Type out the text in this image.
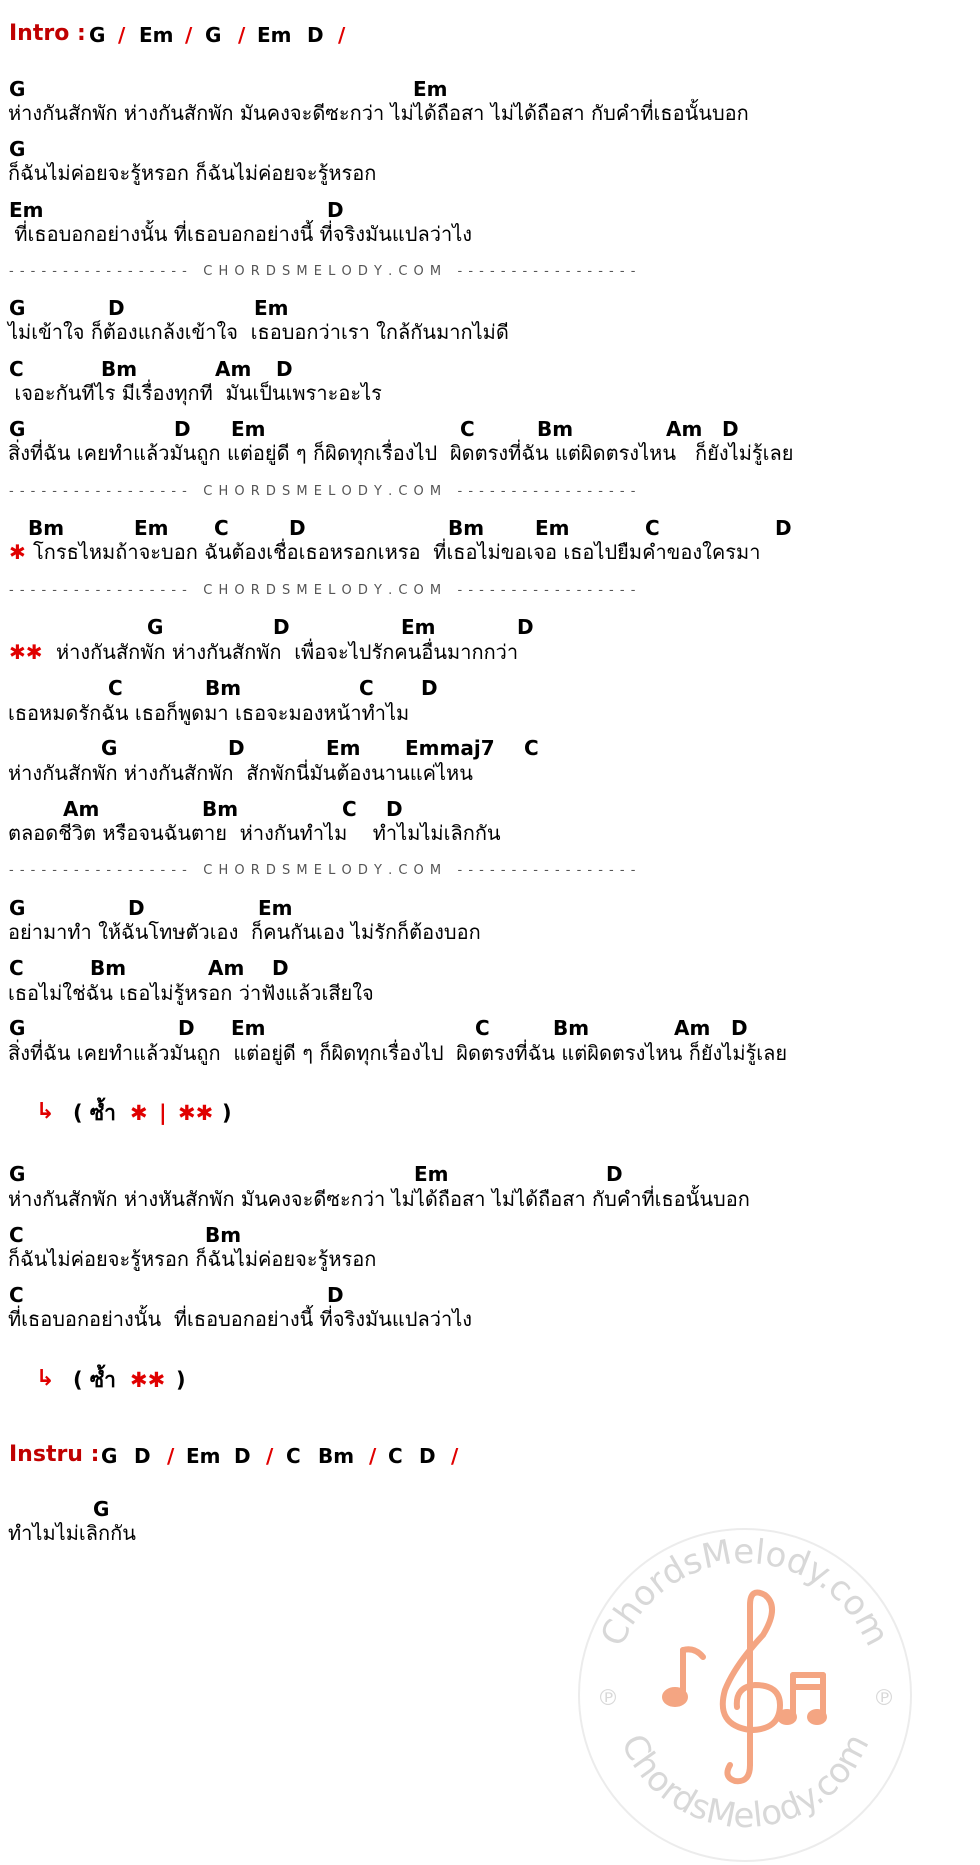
Intro : G / Em / G / Em D /
G	Em
ห่างกันสักพัก ห่างกันสักพัก มันคงจะดีซะกว่า ไม่ได้ถือสา ไม่ได้ถือสา กับคำที่เธอนั้นบอก
G
ก็ฉันไม่ค่อยจะรู้หรอก ก็ฉันไม่ค่อยจะรู้หรอก
Em	D
ที่เธอบอกอย่างนั้น ที่เธอบอกอย่างนี้ ที่จริงมันแปลว่าไง
- - - - - - - - - - - - - - - - -   C H O R D S M E L O D Y . C O M   - - - - - - - - - - - - - - - - -
G	D	Em
ไม่เข้าใจ ก็ต้องแกล้งเข้าใจ  เธอบอกว่าเรา ใกล้กันมากไม่ดี
C	Bm	Am D
เจอะกันทีไร มีเรื่องทุกที  มันเป็นเพราะอะไร
G	D Em	C	Bm	Am D
สิ่งที่ฉัน เคยทำแล้วมันถูก แต่อยู่ดี ๆ ก็ผิดทุกเรื่องไป  ผิดตรงที่ฉัน แต่ผิดตรงไหน   ก็ยังไม่รู้เลย
- - - - - - - - - - - - - - - - -   C H O R D S M E L O D Y . C O M   - - - - - - - - - - - - - - - - -
Bm	Em C	D	Bm	Em	C	D
✱ โกรธไหมถ้าจะบอก ฉันต้องเชื่อเธอหรอกเหรอ  ที่เธอไม่ขอเจอ เธอไปยืมคำของใครมา
- - - - - - - - - - - - - - - - -   C H O R D S M E L O D Y . C O M   - - - - - - - - - - - - - - - - -
G	D	Em	D
✱✱ ห่างกันสักพัก ห่างกันสักพัก  เพื่อจะไปรักคนอื่นมากกว่า
C	Bm	C D
เธอหมดรักฉัน เธอก็พูดมา เธอจะมองหน้าทำไม
G	D	Em Emmaj7 C
ห่างกันสักพัก ห่างกันสักพัก  สักพักนี่มันต้องนานแค่ไหน
Am	Bm	C D
ตลอดชีวิต หรือจนฉันตาย  ห่างกันทำไม    ทำไมไม่เลิกกัน
- - - - - - - - - - - - - - - - -   C H O R D S M E L O D Y . C O M   - - - - - - - - - - - - - - - - -
G	D	Em
อย่ามาทำ ให้ฉันโทษตัวเอง  ก็คนกันเอง ไม่รักก็ต้องบอก
C	Bm	Am D
เธอไม่ใช่ฉัน เธอไม่รู้หรอก ว่าฟังแล้วเสียใจ
G	D Em	C	Bm	Am D
สิ่งที่ฉัน เคยทำแล้วมันถูก  แต่อยู่ดี ๆ ก็ผิดทุกเรื่องไป  ผิดตรงที่ฉัน แต่ผิดตรงไหน ก็ยังไม่รู้เลย
↳ ( ซ้ำ ✱ | ✱✱ )
G	Em	D
ห่างกันสักพัก ห่างหันสักพัก มันคงจะดีซะกว่า ไม่ได้ถือสา ไม่ได้ถือสา กับคำที่เธอนั้นบอก
C	Bm
ก็ฉันไม่ค่อยจะรู้หรอก ก็ฉันไม่ค่อยจะรู้หรอก
C	D
ที่เธอบอกอย่างนั้น  ที่เธอบอกอย่างนี้ ที่จริงมันแปลว่าไง
↳ ( ซ้ำ ✱✱ )
Instru : G D / Em D / C Bm / C D /
G
ทำไมไม่เลิกกัน
ChordsMelody.com
ChordsMelody.com
℗	℗
